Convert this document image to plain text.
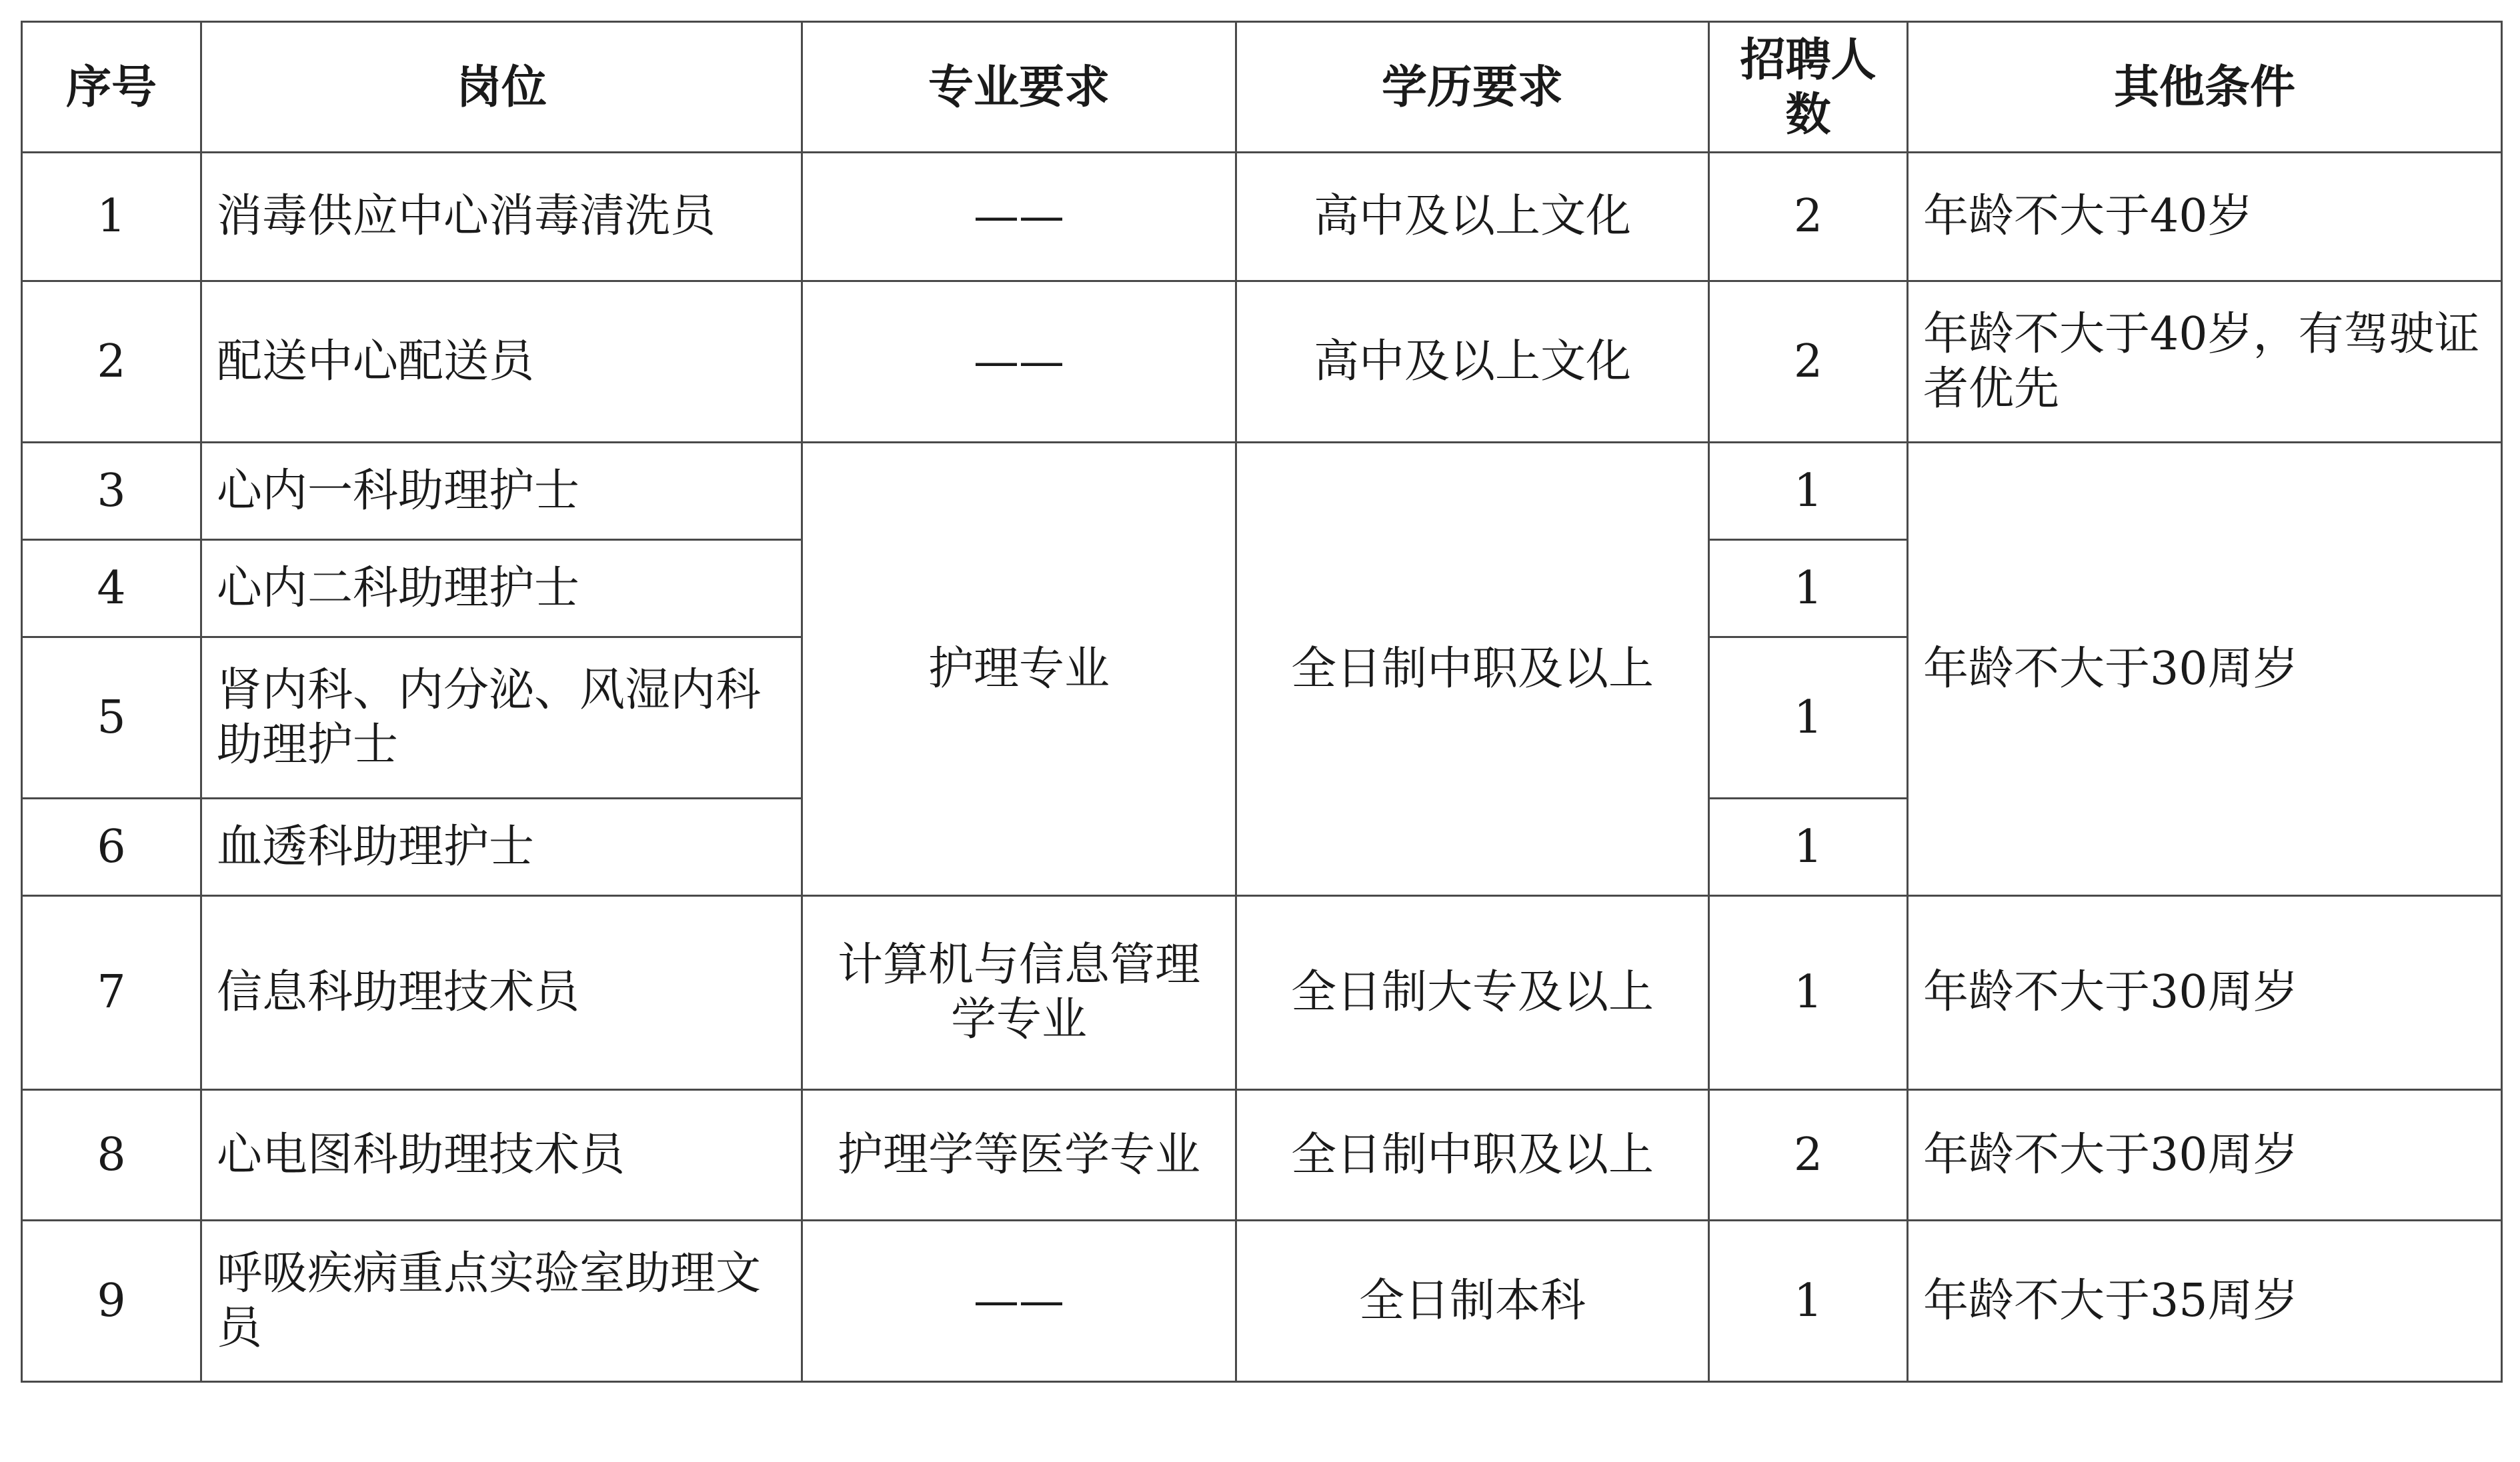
序号	岗位	专业要求	学历要求	招聘人数	其他条件
1	消毒供应中心消毒清洗员	——	高中及以上文化	2	年龄不大于40岁
2	配送中心配送员	——	高中及以上文化	2	年龄不大于40岁，有驾驶证者优先
3	心内一科助理护士	护理专业	全日制中职及以上	1	年龄不大于30周岁
4	心内二科助理护士			1	
5	肾内科、内分泌、风湿内科助理护士			1	
6	血透科助理护士			1	
7	信息科助理技术员	计算机与信息管理学专业	全日制大专及以上	1	年龄不大于30周岁
8	心电图科助理技术员	护理学等医学专业	全日制中职及以上	2	年龄不大于30周岁
9	呼吸疾病重点实验室助理文员	——	全日制本科	1	年龄不大于35周岁
